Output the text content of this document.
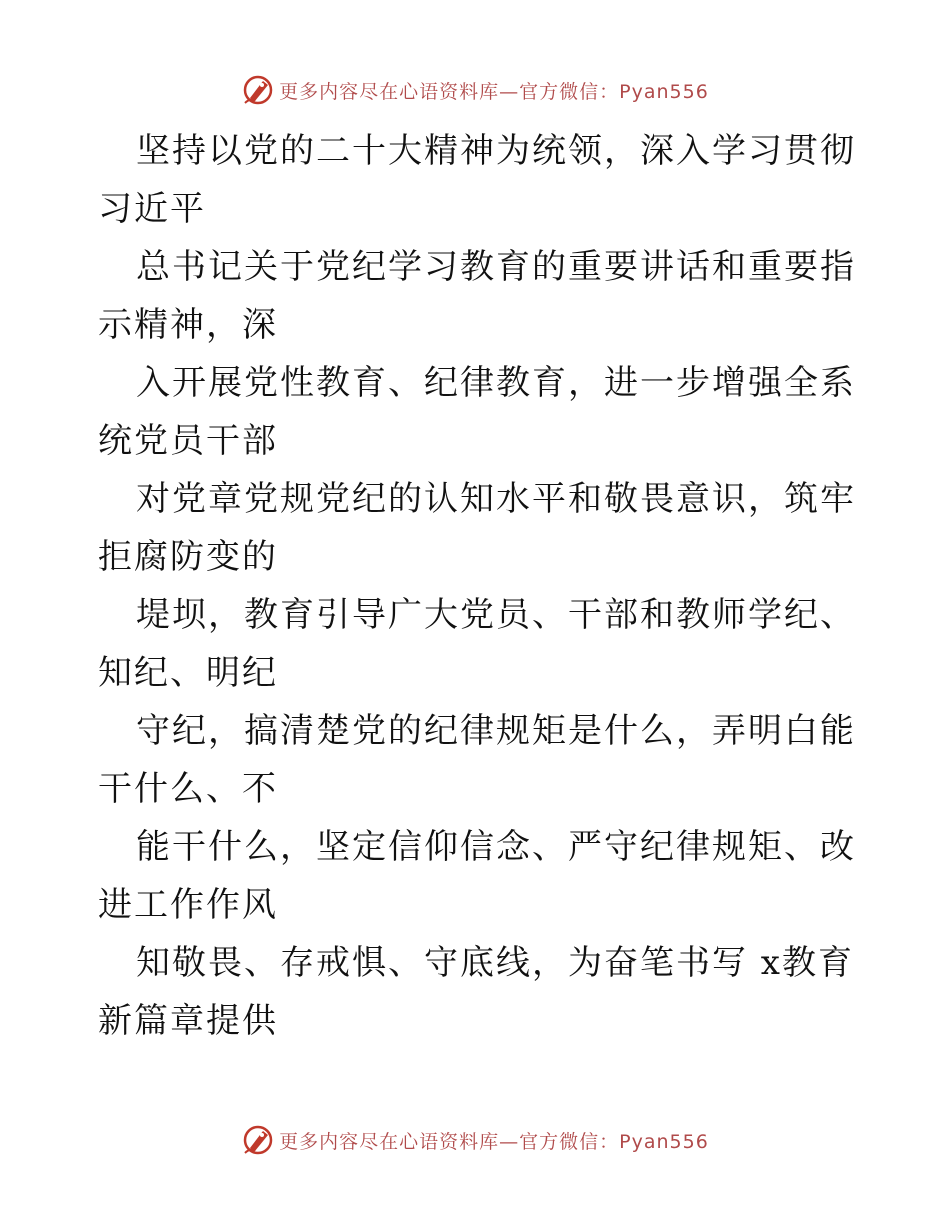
更多内容尽在心语资料库—官方微信：Pyan556

坚持以党的二十大精神为统领，深入学习贯彻习近平

总书记关于党纪学习教育的重要讲话和重要指示精神，深

入开展党性教育、纪律教育，进一步增强全系统党员干部

对党章党规党纪的认知水平和敬畏意识，筑牢拒腐防变的

堤坝，教育引导广大党员、干部和教师学纪、知纪、明纪

守纪，搞清楚党的纪律规矩是什么，弄明白能干什么、不

能干什么，坚定信仰信念、严守纪律规矩、改进工作作风

知敬畏、存戒惧、守底线，为奋笔书写 x教育新篇章提供

更多内容尽在心语资料库—官方微信：Pyan556
